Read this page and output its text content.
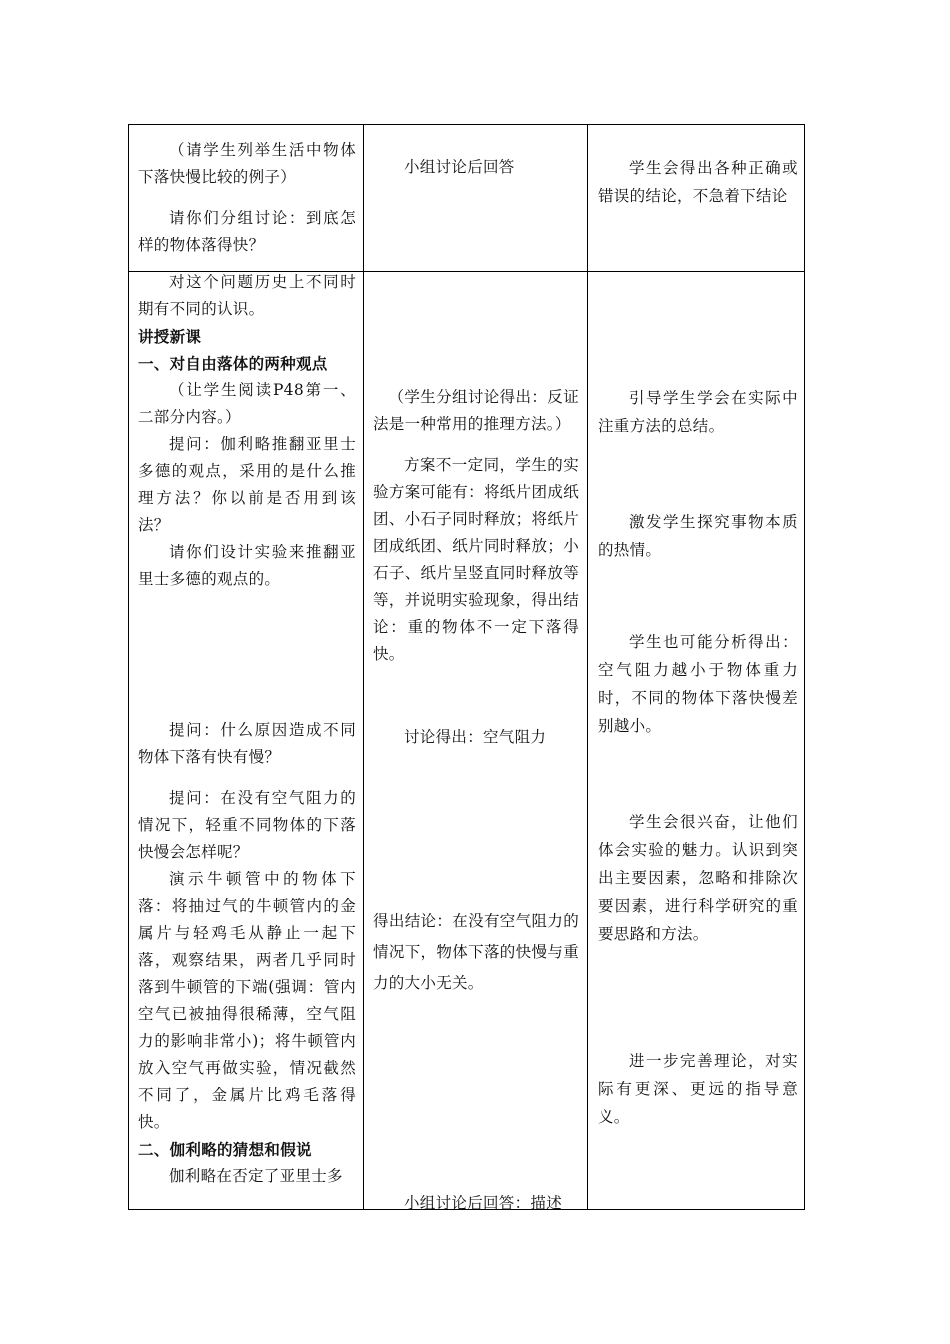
（请学生列举生活中物体下落快慢比较的例子）

请你们分组讨论：到底怎样的物体落得快？

小组讨论后回答	学生会得出各种正确或错误的结论，不急着下结论

对这个问题历史上不同时期有不同的认识。

讲授新课

一、对自由落体的两种观点

（让学生阅读P48第一、二部分内容。）

提问：伽利略推翻亚里士多德的观点，采用的是什么推理方法？你以前是否用到该法？

请你们设计实验来推翻亚里士多德的观点的。

提问：什么原因造成不同物体下落有快有慢？

提问：在没有空气阻力的情况下，轻重不同物体的下落快慢会怎样呢？

演示牛顿管中的物体下落：将抽过气的牛顿管内的金属片与轻鸡毛从静止一起下落，观察结果，两者几乎同时落到牛顿管的下端(强调：管内空气已被抽得很稀薄，空气阻力的影响非常小)；将牛顿管内放入空气再做实验，情况截然不同了，金属片比鸡毛落得快。

二、伽利略的猜想和假说

伽利略在否定了亚里士多

（学生分组讨论得出：反证法是一种常用的推理方法。）

方案不一定同，学生的实验方案可能有：将纸片团成纸团、小石子同时释放；将纸片团成纸团、纸片同时释放；小石子、纸片呈竖直同时释放等等，并说明实验现象，得出结论：重的物体不一定下落得快。

讨论得出：空气阻力

得出结论：在没有空气阻力的情况下，物体下落的快慢与重力的大小无关。

小组讨论后回答：描述

引导学生学会在实际中注重方法的总结。

激发学生探究事物本质的热情。

学生也可能分析得出：空气阻力越小于物体重力时，不同的物体下落快慢差别越小。

学生会很兴奋，让他们体会实验的魅力。认识到突出主要因素，忽略和排除次要因素，进行科学研究的重要思路和方法。

进一步完善理论，对实际有更深、更远的指导意义。
